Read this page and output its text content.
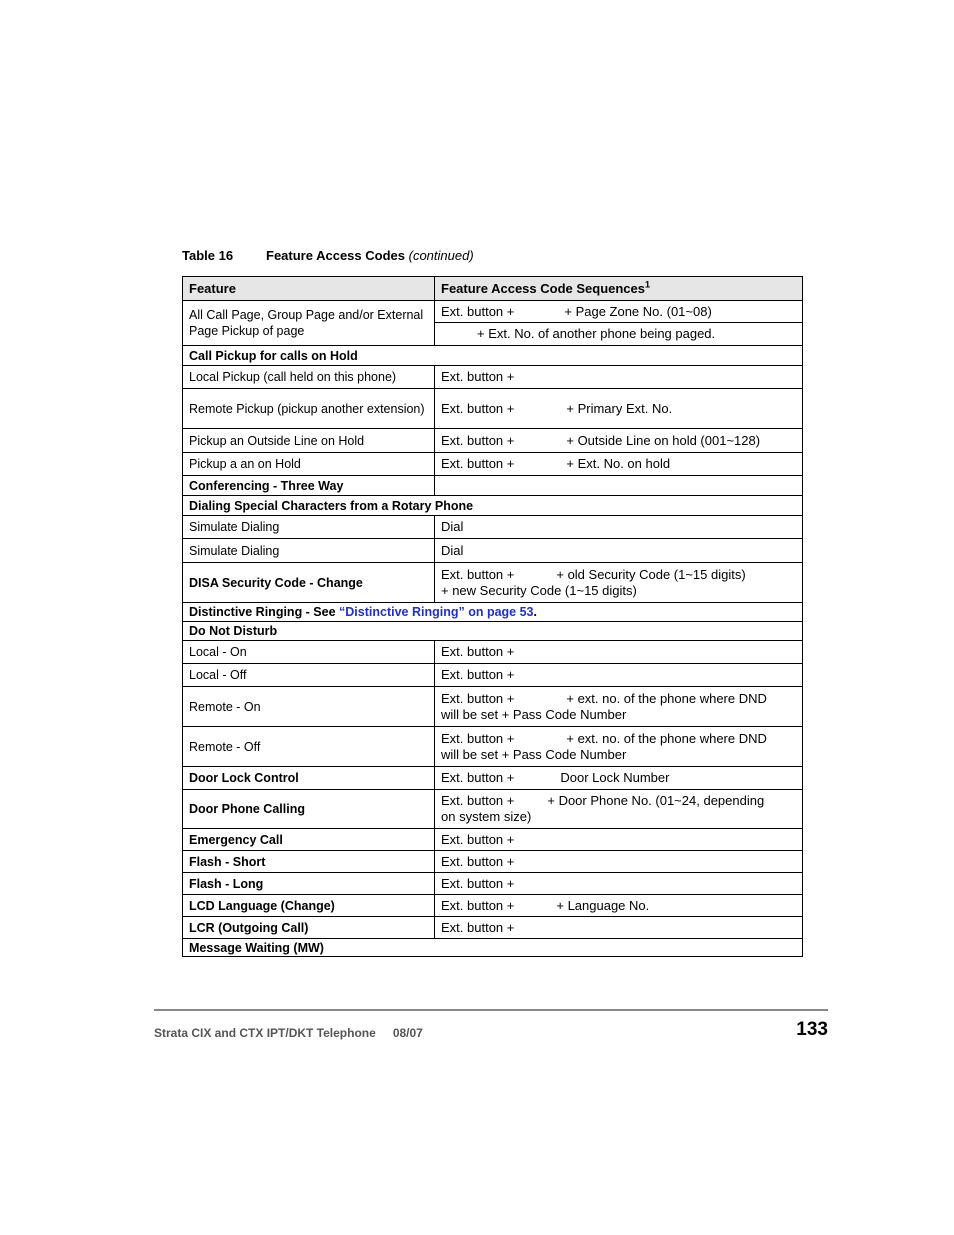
Table 16	Feature Access Codes (continued)
Feature	Feature Access Code Sequences$^1$
All Call Page, Group Page and/or External Page Pickup of page	Ext. button + + Page Zone No. (01~08)
	+ Ext. No. of another phone being paged.
Call Pickup for calls on Hold	
Local Pickup (call held on this phone)	Ext. button +
Remote Pickup (pickup another extension)	Ext. button + + Primary Ext. No.
Pickup an Outside Line on Hold	Ext. button + + Outside Line on hold (001~128)
Pickup a an on Hold	Ext. button + + Ext. No. on hold
Conferencing - Three Way	
Dialing Special Characters from a Rotary Phone	
Simulate Dialing	Dial
Simulate Dialing	Dial
DISA Security Code - Change	Ext. button + + old Security Code (1~15 digits)
+ new Security Code (1~15 digits)
Distinctive Ringing - See “Distinctive Ringing” on page 53.	
Do Not Disturb	
Local - On	Ext. button +
Local - Off	Ext. button +
Remote - On	Ext. button + + ext. no. of the phone where DND
will be set + Pass Code Number
Remote - Off	Ext. button + + ext. no. of the phone where DND
will be set + Pass Code Number
Door Lock Control	Ext. button + Door Lock Number
Door Phone Calling	Ext. button + + Door Phone No. (01~24, depending
on system size)
Emergency Call	Ext. button +
Flash - Short	Ext. button +
Flash - Long	Ext. button +
LCD Language (Change)	Ext. button + + Language No.
LCR (Outgoing Call)	Ext. button +
Message Waiting (MW)	
Strata CIX and CTX IPT/DKT Telephone 08/07	133
